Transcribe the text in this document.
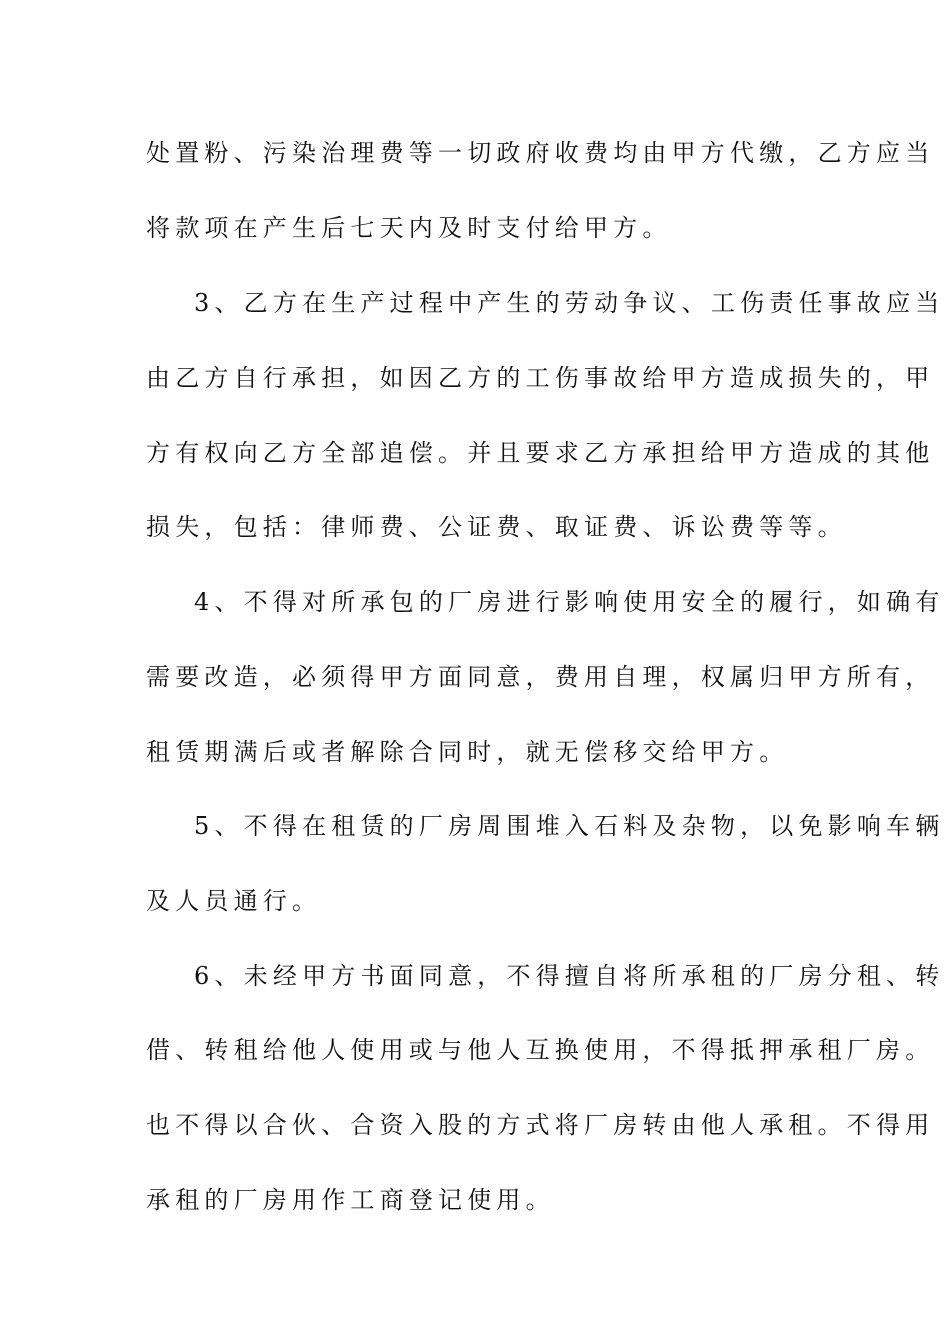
处置粉、污染治理费等一切政府收费均由甲方代缴，乙方应当
将款项在产生后七天内及时支付给甲方。
3、乙方在生产过程中产生的劳动争议、工伤责任事故应当
由乙方自行承担，如因乙方的工伤事故给甲方造成损失的，甲
方有权向乙方全部追偿。并且要求乙方承担给甲方造成的其他
损失，包括：律师费、公证费、取证费、诉讼费等等。
4、不得对所承包的厂房进行影响使用安全的履行，如确有
需要改造，必须得甲方面同意，费用自理，权属归甲方所有，
租赁期满后或者解除合同时，就无偿移交给甲方。
5、不得在租赁的厂房周围堆入石料及杂物，以免影响车辆
及人员通行。
6、未经甲方书面同意，不得擅自将所承租的厂房分租、转
借、转租给他人使用或与他人互换使用，不得抵押承租厂房。
也不得以合伙、合资入股的方式将厂房转由他人承租。不得用
承租的厂房用作工商登记使用。
